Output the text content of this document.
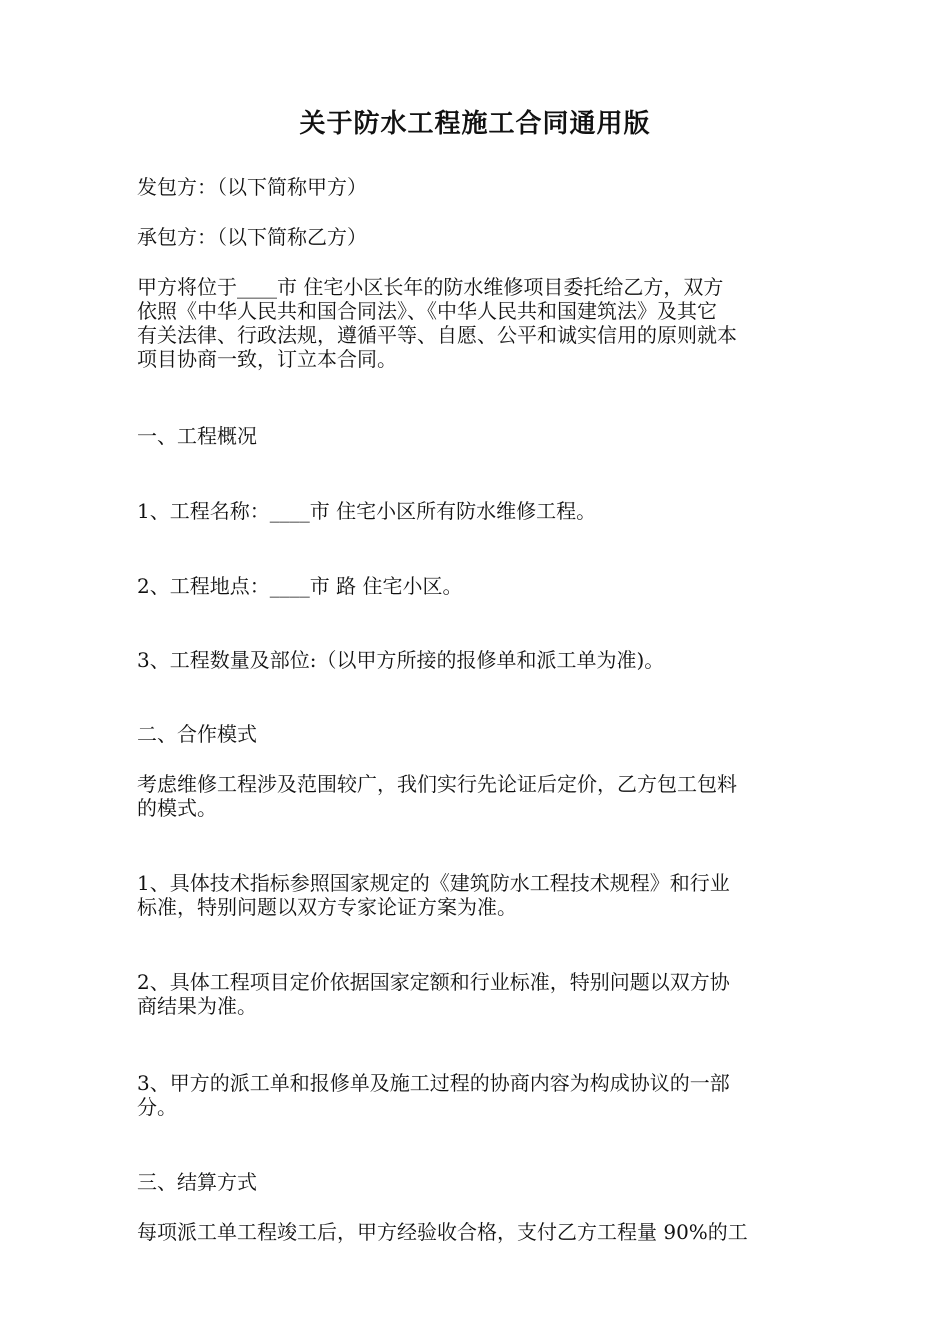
关于防水工程施工合同通用版

发包方：（以下简称甲方）

承包方：（以下简称乙方）

甲方将位于____市 住宅小区长年的防水维修项目委托给乙方，双方
依照《中华人民共和国合同法》、《中华人民共和国建筑法》及其它
有关法律、行政法规，遵循平等、自愿、公平和诚实信用的原则就本
项目协商一致，订立本合同。

一、工程概况

1、工程名称：____市 住宅小区所有防水维修工程。

2、工程地点：____市 路 住宅小区。

3、工程数量及部位:（以甲方所接的报修单和派工单为准)。

二、合作模式

考虑维修工程涉及范围较广，我们实行先论证后定价，乙方包工包料
的模式。

1、具体技术指标参照国家规定的《建筑防水工程技术规程》和行业
标准，特别问题以双方专家论证方案为准。

2、具体工程项目定价依据国家定额和行业标准，特别问题以双方协
商结果为准。

3、甲方的派工单和报修单及施工过程的协商内容为构成协议的一部
分。

三、结算方式

每项派工单工程竣工后，甲方经验收合格，支付乙方工程量 90%的工
